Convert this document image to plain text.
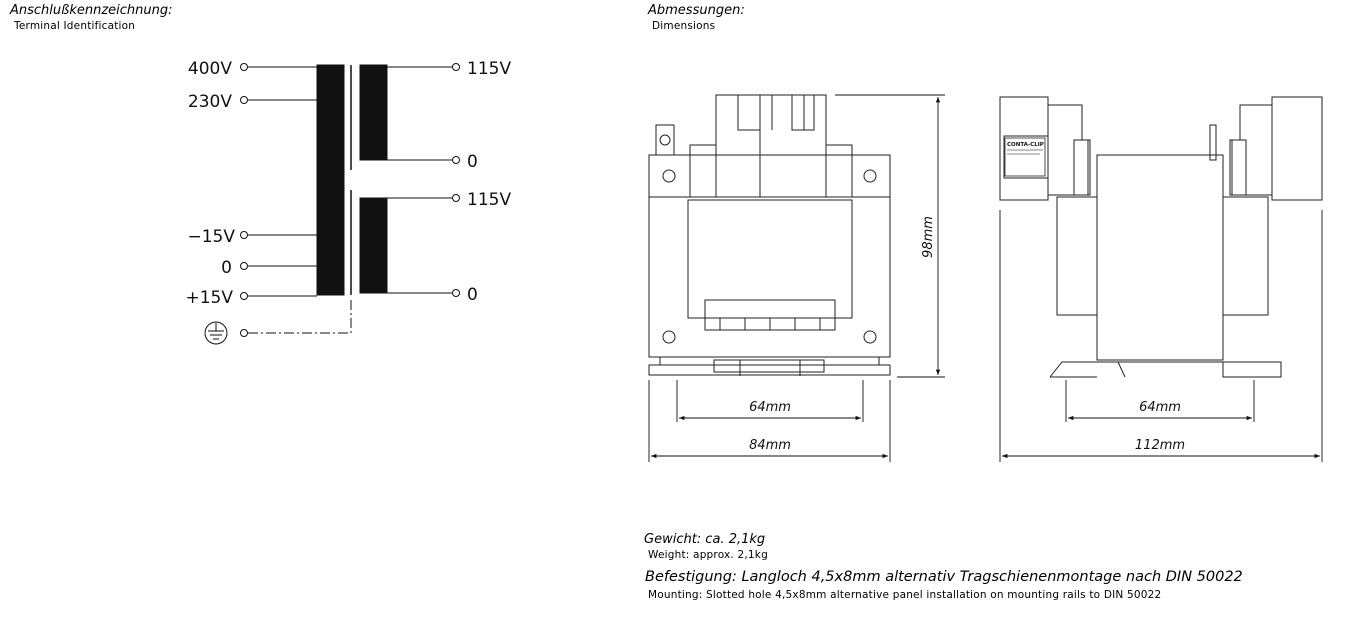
Anschlußkennzeichnung:
Terminal Identification
Abmessungen:
Dimensions
Gewicht: ca. 2,1kg
Weight: approx. 2,1kg
Befestigung: Langloch 4,5x8mm alternativ Tragschienenmontage nach DIN 50022
Mounting: Slotted hole 4,5x8mm alternative panel installation on mounting rails to DIN 50022
400V
230V
−15V
0
+15V
115V
0
115V
0
CONTA-CLIP
98mm
64mm
84mm
64mm
112mm
